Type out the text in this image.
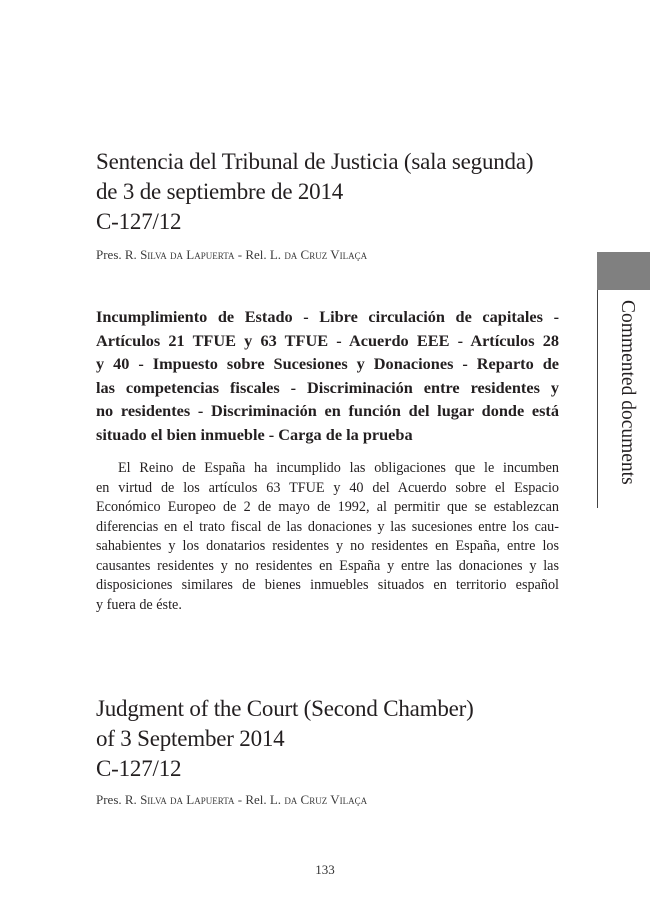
Commented documents
Sentencia del Tribunal de Justicia (sala segunda)
de 3 de septiembre de 2014
C-127/12

Pres. R. Silva da Lapuerta - Rel. L. da Cruz Vilaça

Incumplimiento de Estado - Libre circulación de capitales -
Artículos 21 TFUE y 63 TFUE - Acuerdo EEE - Artículos 28
y 40 - Impuesto sobre Sucesiones y Donaciones - Reparto de
las competencias fiscales - Discriminación entre residentes y
no residentes - Discriminación en función del lugar donde está
situado el bien inmueble - Carga de la prueba
El Reino de España ha incumplido las obligaciones que le incumben
en virtud de los artículos 63 TFUE y 40 del Acuerdo sobre el Espacio
Económico Europeo de 2 de mayo de 1992, al permitir que se establezcan
diferencias en el trato fiscal de las donaciones y las sucesiones entre los cau-
sahabientes y los donatarios residentes y no residentes en España, entre los
causantes residentes y no residentes en España y entre las donaciones y las
disposiciones similares de bienes inmuebles situados en territorio español
y fuera de éste.
Judgment of the Court (Second Chamber)
of 3 September 2014
C-127/12

Pres. R. Silva da Lapuerta - Rel. L. da Cruz Vilaça

133
